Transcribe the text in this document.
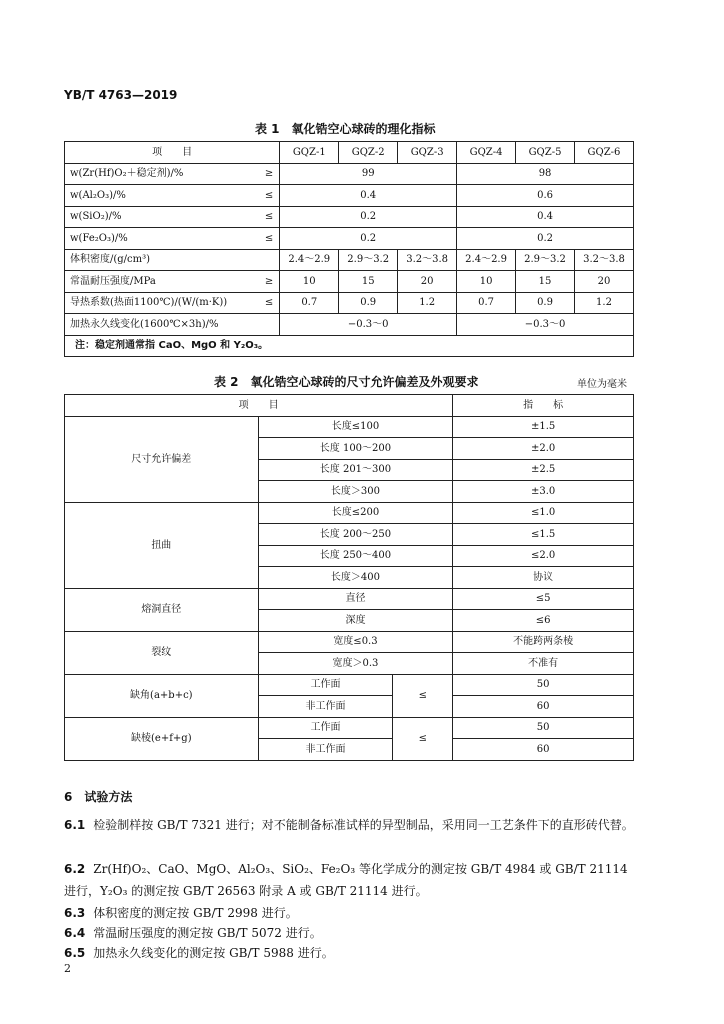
YB/T 4763—2019
表 1　氧化锆空心球砖的理化指标
项　　目		GQZ-1	GQZ-2	GQZ-3	GQZ-4	GQZ-5	GQZ-6
w(Zr(Hf)O₂＋稳定剂)/%	≥	99			98		
w(Al₂O₃)/%	≤	0.4			0.6		
w(SiO₂)/%	≤	0.2			0.4		
w(Fe₂O₃)/%	≤	0.2			0.2		
体积密度/(g/cm³)		2.4～2.9	2.9～3.2	3.2～3.8	2.4～2.9	2.9～3.2	3.2～3.8
常温耐压强度/MPa	≥	10	15	20	10	15	20
导热系数(热面1100℃)/(W/(m·K))	≤	0.7	0.9	1.2	0.7	0.9	1.2
加热永久线变化(1600℃×3h)/%		−0.3～0			−0.3～0		
注：稳定剂通常指 CaO、MgO 和 Y₂O₃。							
表 2　氧化锆空心球砖的尺寸允许偏差及外观要求	单位为毫米
项　　目			指　　标
尺寸允许偏差	长度≤100		±1.5
	长度 100～200		±2.0
	长度 201～300		±2.5
	长度＞300		±3.0
扭曲	长度≤200		≤1.0
	长度 200～250		≤1.5
	长度 250～400		≤2.0
	长度＞400		协议
熔洞直径	直径		≤5
	深度		≤6
裂纹	宽度≤0.3		不能跨两条棱
	宽度＞0.3		不准有
缺角(a+b+c)	工作面	≤	50
	非工作面		60
缺棱(e+f+g)	工作面	≤	50
	非工作面		60
6　试验方法
6.1 检验制样按 GB/T 7321 进行；对不能制备标准试样的异型制品，采用同一工艺条件下的直形砖代替。
6.2 Zr(Hf)O₂、CaO、MgO、Al₂O₃、SiO₂、Fe₂O₃ 等化学成分的测定按 GB/T 4984 或 GB/T 21114 进行，Y₂O₃ 的测定按 GB/T 26563 附录 A 或 GB/T 21114 进行。
6.3 体积密度的测定按 GB/T 2998 进行。
6.4 常温耐压强度的测定按 GB/T 5072 进行。
6.5 加热永久线变化的测定按 GB/T 5988 进行。
2
